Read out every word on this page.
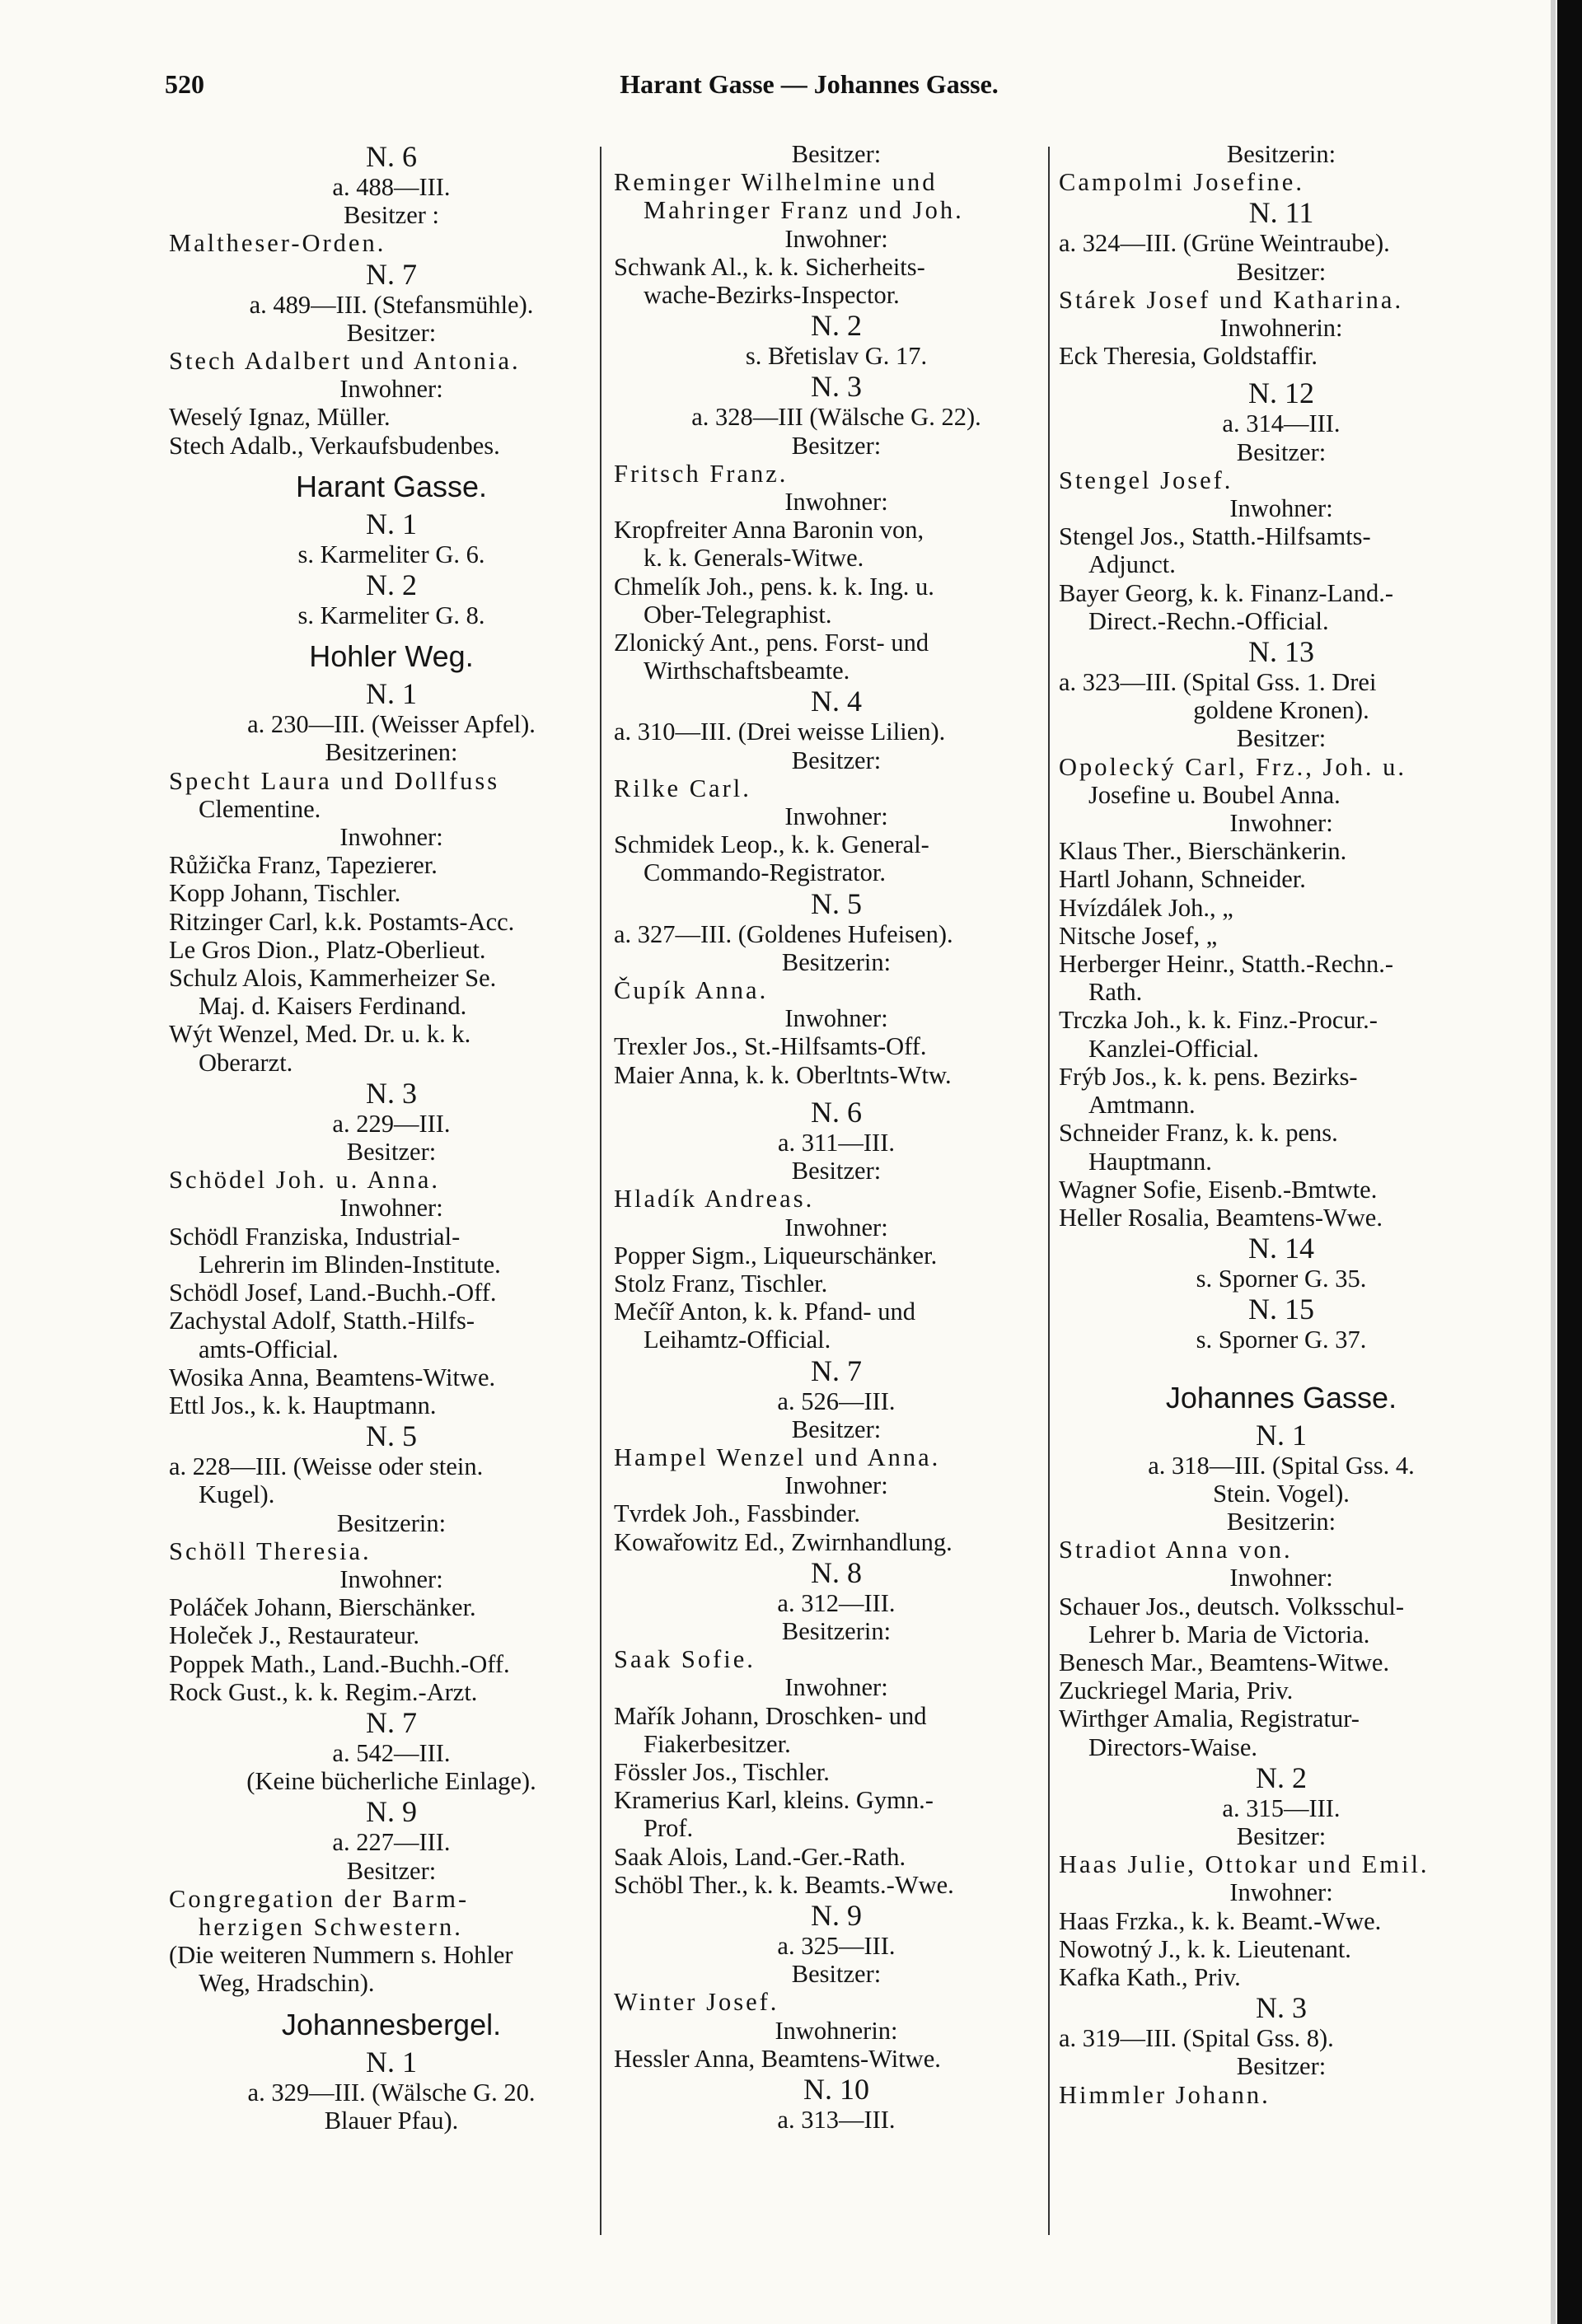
520	Harant Gasse — Johannes Gasse.
N. 6
a. 488—III.
Besitzer :
Maltheser-Orden.
N. 7
a. 489—III. (Stefansmühle).
Besitzer:
Stech Adalbert und Antonia.
Inwohner:
Weselý Ignaz, Müller.
Stech Adalb., Verkaufsbudenbes.
Harant Gasse.
N. 1
s. Karmeliter G. 6.
N. 2
s. Karmeliter G. 8.
Hohler Weg.
N. 1
a. 230—III. (Weisser Apfel).
Besitzerinen:
Specht Laura und Dollfuss
Clementine.
Inwohner:
Růžička Franz, Tapezierer.
Kopp Johann, Tischler.
Ritzinger Carl, k.k. Postamts-Acc.
Le Gros Dion., Platz-Oberlieut.
Schulz Alois, Kammerheizer Se.
Maj. d. Kaisers Ferdinand.
Wýt Wenzel, Med. Dr. u. k. k.
Oberarzt.
N. 3
a. 229—III.
Besitzer:
Schödel Joh. u. Anna.
Inwohner:
Schödl Franziska, Industrial-
Lehrerin im Blinden-Institute.
Schödl Josef, Land.-Buchh.-Off.
Zachystal Adolf, Statth.-Hilfs-
amts-Official.
Wosika Anna, Beamtens-Witwe.
Ettl Jos., k. k. Hauptmann.
N. 5
a. 228—III. (Weisse oder stein.
Kugel).
Besitzerin:
Schöll Theresia.
Inwohner:
Poláček Johann, Bierschänker.
Holeček J., Restaurateur.
Poppek Math., Land.-Buchh.-Off.
Rock Gust., k. k. Regim.-Arzt.
N. 7
a. 542—III.
(Keine bücherliche Einlage).
N. 9
a. 227—III.
Besitzer:
Congregation der Barm-
herzigen Schwestern.
(Die weiteren Nummern s. Hohler
Weg, Hradschin).
Johannesbergel.
N. 1
a. 329—III. (Wälsche G. 20.
Blauer Pfau).
Besitzer:
Reminger Wilhelmine und
Mahringer Franz und Joh.
Inwohner:
Schwank Al., k. k. Sicherheits-
wache-Bezirks-Inspector.
N. 2
s. Břetislav G. 17.
N. 3
a. 328—III (Wälsche G. 22).
Besitzer:
Fritsch Franz.
Inwohner:
Kropfreiter Anna Baronin von,
k. k. Generals-Witwe.
Chmelík Joh., pens. k. k. Ing. u.
Ober-Telegraphist.
Zlonický Ant., pens. Forst- und
Wirthschaftsbeamte.
N. 4
a. 310—III. (Drei weisse Lilien).
Besitzer:
Rilke Carl.
Inwohner:
Schmidek Leop., k. k. General-
Commando-Registrator.
N. 5
a. 327—III. (Goldenes Hufeisen).
Besitzerin:
Čupík Anna.
Inwohner:
Trexler Jos., St.-Hilfsamts-Off.
Maier Anna, k. k. Oberltnts-Wtw.
N. 6
a. 311—III.
Besitzer:
Hladík Andreas.
Inwohner:
Popper Sigm., Liqueurschänker.
Stolz Franz, Tischler.
Mečíř Anton, k. k. Pfand- und
Leihamtz-Official.
N. 7
a. 526—III.
Besitzer:
Hampel Wenzel und Anna.
Inwohner:
Tvrdek Joh., Fassbinder.
Kowařowitz Ed., Zwirnhandlung.
N. 8
a. 312—III.
Besitzerin:
Saak Sofie.
Inwohner:
Mařík Johann, Droschken- und
Fiakerbesitzer.
Fössler Jos., Tischler.
Kramerius Karl, kleins. Gymn.-
Prof.
Saak Alois, Land.-Ger.-Rath.
Schöbl Ther., k. k. Beamts.-Wwe.
N. 9
a. 325—III.
Besitzer:
Winter Josef.
Inwohnerin:
Hessler Anna, Beamtens-Witwe.
N. 10
a. 313—III.
Besitzerin:
Campolmi Josefine.
N. 11
a. 324—III. (Grüne Weintraube).
Besitzer:
Stárek Josef und Katharina.
Inwohnerin:
Eck Theresia, Goldstaffir.
N. 12
a. 314—III.
Besitzer:
Stengel Josef.
Inwohner:
Stengel Jos., Statth.-Hilfsamts-
Adjunct.
Bayer Georg, k. k. Finanz-Land.-
Direct.-Rechn.-Official.
N. 13
a. 323—III. (Spital Gss. 1. Drei
goldene Kronen).
Besitzer:
Opolecký Carl, Frz., Joh. u.
Josefine u. Boubel Anna.
Inwohner:
Klaus Ther., Bierschänkerin.
Hartl Johann, Schneider.
Hvízdálek Joh., „
Nitsche Josef, „
Herberger Heinr., Statth.-Rechn.-
Rath.
Trczka Joh., k. k. Finz.-Procur.-
Kanzlei-Official.
Frýb Jos., k. k. pens. Bezirks-
Amtmann.
Schneider Franz, k. k. pens.
Hauptmann.
Wagner Sofie, Eisenb.-Bmtwte.
Heller Rosalia, Beamtens-Wwe.
N. 14
s. Sporner G. 35.
N. 15
s. Sporner G. 37.
Johannes Gasse.
N. 1
a. 318—III. (Spital Gss. 4.
Stein. Vogel).
Besitzerin:
Stradiot Anna von.
Inwohner:
Schauer Jos., deutsch. Volksschul-
Lehrer b. Maria de Victoria.
Benesch Mar., Beamtens-Witwe.
Zuckriegel Maria, Priv.
Wirthger Amalia, Registratur-
Directors-Waise.
N. 2
a. 315—III.
Besitzer:
Haas Julie, Ottokar und Emil.
Inwohner:
Haas Frzka., k. k. Beamt.-Wwe.
Nowotný J., k. k. Lieutenant.
Kafka Kath., Priv.
N. 3
a. 319—III. (Spital Gss. 8).
Besitzer:
Himmler Johann.
